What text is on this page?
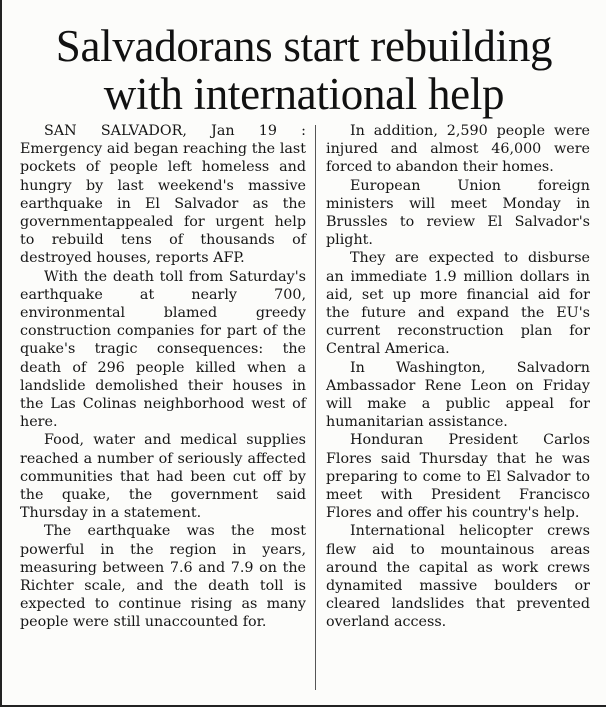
Salvadorans start rebuilding
with international help

SAN SALVADOR, Jan 19 : Emergency aid began reaching the last pockets of people left homeless and hungry by last weekend's massive earthquake in El Salvador as the governmentappealed for urgent help to rebuild tens of thousands of destroyed houses, reports AFP.

With the death toll from Saturday's earthquake at nearly 700, environmental blamed greedy construction companies for part of the quake's tragic consequences: the death of 296 people killed when a landslide demolished their houses in the Las Colinas neighborhood west of here.

Food, water and medical supplies reached a number of seriously affected communities that had been cut off by the quake, the government said Thursday in a statement.

The earthquake was the most powerful in the region in years, measuring between 7.6 and 7.9 on the Richter scale, and the death toll is expected to continue rising as many people were still unaccounted for.

In addition, 2,590 people were injured and almost 46,000 were forced to abandon their homes.

European Union foreign ministers will meet Monday in Brussles to review El Salvador's plight.

They are expected to disburse an immediate 1.9 million dollars in aid, set up more financial aid for the future and expand the EU's current reconstruction plan for Central America.

In Washington, Salvadorn Ambassador Rene Leon on Friday will make a public appeal for humanitarian assistance.

Honduran President Carlos Flores said Thursday that he was preparing to come to El Salvador to meet with President Francisco Flores and offer his country's help.

International helicopter crews flew aid to mountainous areas around the capital as work crews dynamited massive boulders or cleared landslides that prevented overland access.
